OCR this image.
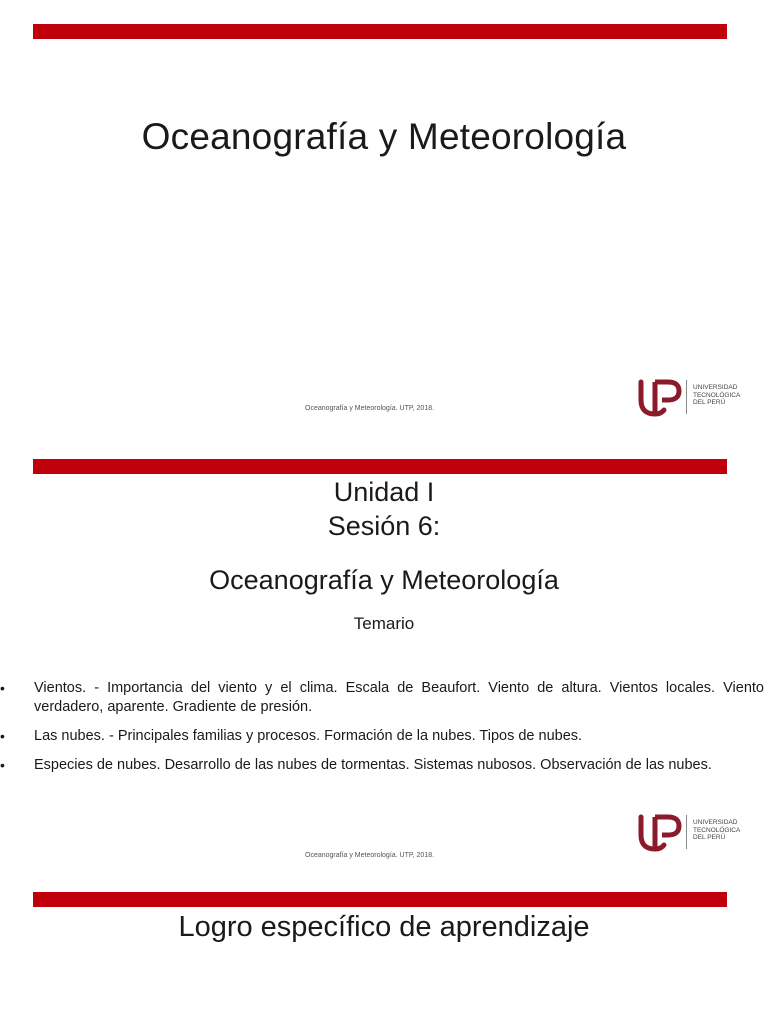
Oceanografía y Meteorología
Oceanografía y Meteorología. UTP, 2018.
UNIVERSIDAD
TECNOLÓGICA
DEL PERÚ
Unidad I
Sesión 6:
Oceanografía y Meteorología
Temario
• Vientos. - Importancia del viento y el clima. Escala de Beaufort. Viento de altura. Vientos locales. Viento verdadero, aparente. Gradiente de presión.
• Las nubes. - Principales familias y procesos. Formación de la nubes. Tipos de nubes.
• Especies de nubes. Desarrollo de las nubes de tormentas. Sistemas nubosos. Observación de las nubes.
Oceanografía y Meteorología. UTP, 2018.
UNIVERSIDAD
TECNOLÓGICA
DEL PERÚ
Logro específico de aprendizaje
